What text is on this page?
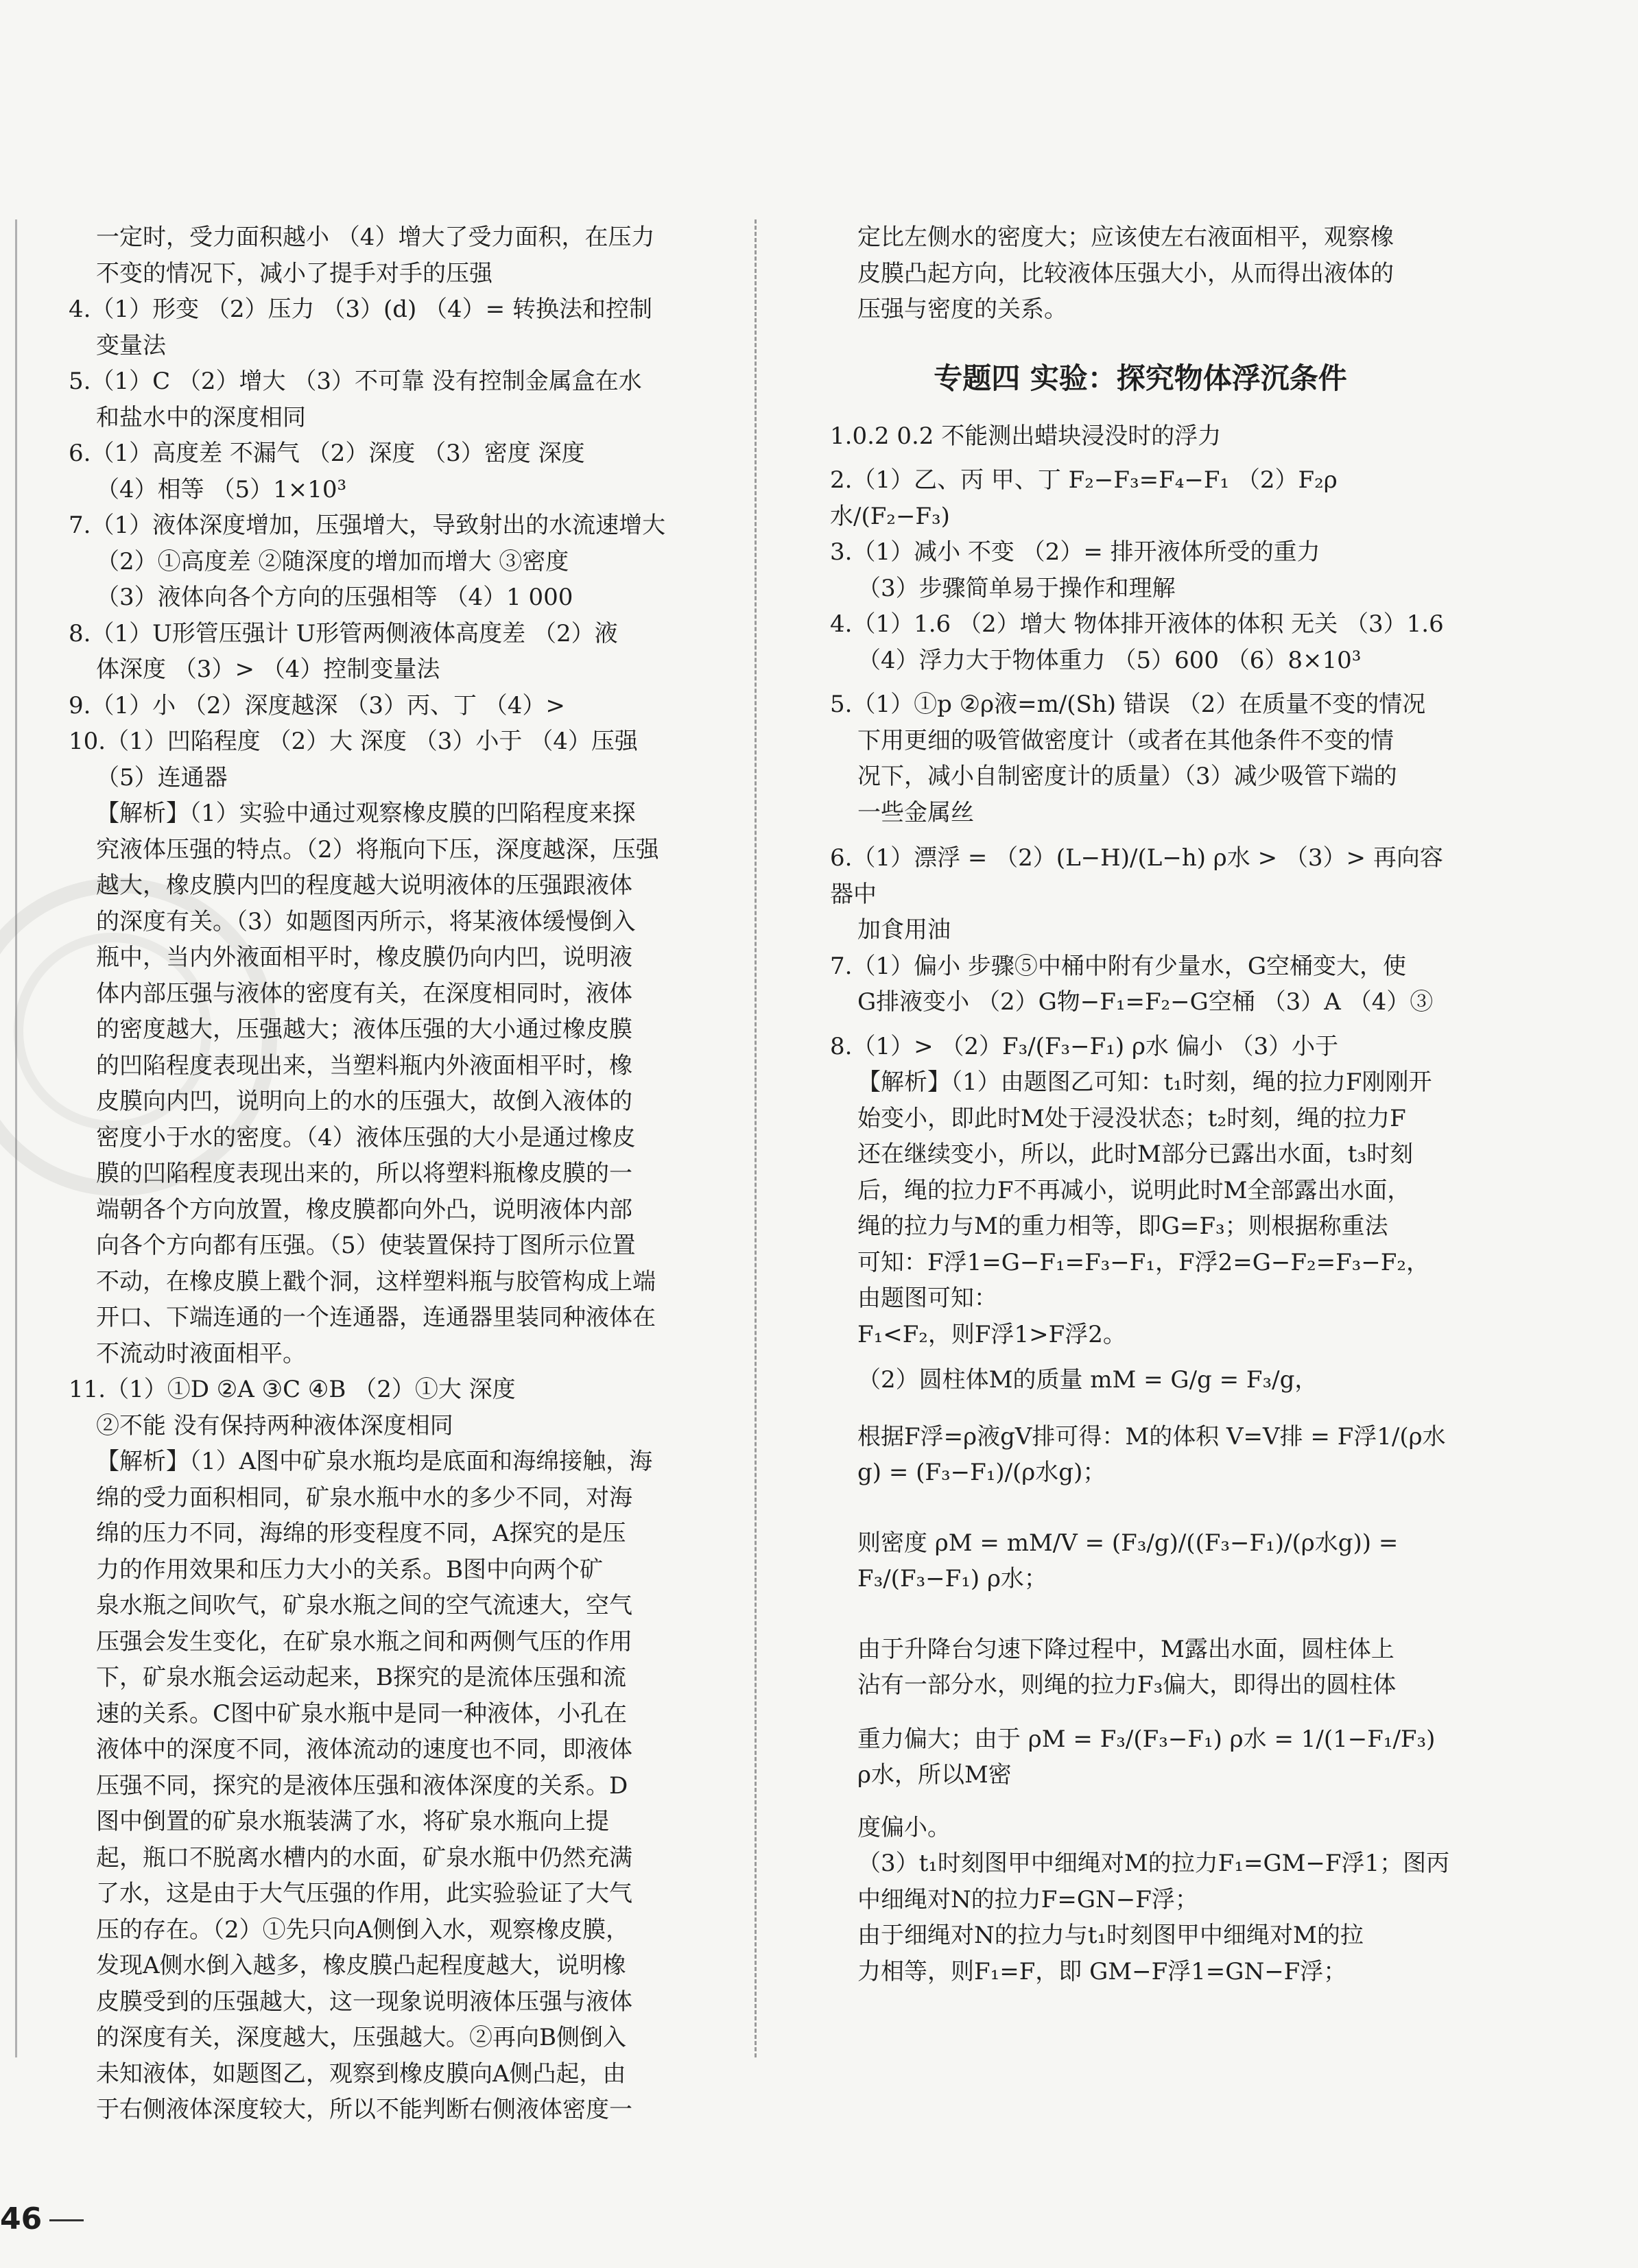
一定时，受力面积越小 （4）增大了受力面积，在压力

不变的情况下，减小了提手对手的压强

4.（1）形变 （2）压力 （3）(d) （4）= 转换法和控制

变量法

5.（1）C （2）增大 （3）不可靠 没有控制金属盒在水

和盐水中的深度相同

6.（1）高度差 不漏气 （2）深度 （3）密度 深度

（4）相等 （5）1×10³

7.（1）液体深度增加，压强增大，导致射出的水流速增大

（2）①高度差 ②随深度的增加而增大 ③密度

（3）液体向各个方向的压强相等 （4）1 000

8.（1）U形管压强计 U形管两侧液体高度差 （2）液

体深度 （3）> （4）控制变量法

9.（1）小 （2）深度越深 （3）丙、丁 （4）>

10.（1）凹陷程度 （2）大 深度 （3）小于 （4）压强

（5）连通器

【解析】（1）实验中通过观察橡皮膜的凹陷程度来探

究液体压强的特点。（2）将瓶向下压，深度越深，压强

越大，橡皮膜内凹的程度越大说明液体的压强跟液体

的深度有关。（3）如题图丙所示，将某液体缓慢倒入

瓶中，当内外液面相平时，橡皮膜仍向内凹，说明液

体内部压强与液体的密度有关，在深度相同时，液体

的密度越大，压强越大；液体压强的大小通过橡皮膜

的凹陷程度表现出来，当塑料瓶内外液面相平时，橡

皮膜向内凹，说明向上的水的压强大，故倒入液体的

密度小于水的密度。（4）液体压强的大小是通过橡皮

膜的凹陷程度表现出来的，所以将塑料瓶橡皮膜的一

端朝各个方向放置，橡皮膜都向外凸，说明液体内部

向各个方向都有压强。（5）使装置保持丁图所示位置

不动，在橡皮膜上戳个洞，这样塑料瓶与胶管构成上端

开口、下端连通的一个连通器，连通器里装同种液体在

不流动时液面相平。

11.（1）①D ②A ③C ④B （2）①大 深度

②不能 没有保持两种液体深度相同

【解析】（1）A图中矿泉水瓶均是底面和海绵接触，海

绵的受力面积相同，矿泉水瓶中水的多少不同，对海

绵的压力不同，海绵的形变程度不同，A探究的是压

力的作用效果和压力大小的关系。B图中向两个矿

泉水瓶之间吹气，矿泉水瓶之间的空气流速大，空气

压强会发生变化，在矿泉水瓶之间和两侧气压的作用

下，矿泉水瓶会运动起来，B探究的是流体压强和流

速的关系。C图中矿泉水瓶中是同一种液体，小孔在

液体中的深度不同，液体流动的速度也不同，即液体

压强不同，探究的是液体压强和液体深度的关系。D

图中倒置的矿泉水瓶装满了水，将矿泉水瓶向上提

起，瓶口不脱离水槽内的水面，矿泉水瓶中仍然充满

了水，这是由于大气压强的作用，此实验验证了大气

压的存在。（2）①先只向A侧倒入水，观察橡皮膜，

发现A侧水倒入越多，橡皮膜凸起程度越大，说明橡

皮膜受到的压强越大，这一现象说明液体压强与液体

的深度有关，深度越大，压强越大。②再向B侧倒入

未知液体，如题图乙，观察到橡皮膜向A侧凸起，由

于右侧液体深度较大，所以不能判断右侧液体密度一

定比左侧水的密度大；应该使左右液面相平，观察橡

皮膜凸起方向，比较液体压强大小，从而得出液体的

压强与密度的关系。

专题四 实验：探究物体浮沉条件

1.0.2 0.2 不能测出蜡块浸没时的浮力

2.（1）乙、丙 甲、丁 F₂−F₃=F₄−F₁ （2）F₂ρ水/(F₂−F₃)

3.（1）减小 不变 （2）= 排开液体所受的重力

（3）步骤简单易于操作和理解

4.（1）1.6 （2）增大 物体排开液体的体积 无关 （3）1.6

（4）浮力大于物体重力 （5）600 （6）8×10³

5.（1）①p ②ρ液=m/(Sh) 错误 （2）在质量不变的情况

下用更细的吸管做密度计（或者在其他条件不变的情

况下，减小自制密度计的质量）（3）减少吸管下端的

一些金属丝

6.（1）漂浮 = （2）(L−H)/(L−h) ρ水 > （3）> 再向容器中

加食用油

7.（1）偏小 步骤⑤中桶中附有少量水，G空桶变大，使

G排液变小 （2）G物−F₁=F₂−G空桶 （3）A （4）③

8.（1）> （2）F₃/(F₃−F₁) ρ水 偏小 （3）小于

【解析】（1）由题图乙可知：t₁时刻，绳的拉力F刚刚开

始变小，即此时M处于浸没状态；t₂时刻，绳的拉力F

还在继续变小，所以，此时M部分已露出水面，t₃时刻

后，绳的拉力F不再减小，说明此时M全部露出水面，

绳的拉力与M的重力相等，即G=F₃；则根据称重法

可知：F浮1=G−F₁=F₃−F₁，F浮2=G−F₂=F₃−F₂，由题图可知：

F₁<F₂，则F浮1>F浮2。

（2）圆柱体M的质量 mM = G/g = F₃/g，

根据F浮=ρ液gV排可得：M的体积 V=V排 = F浮1/(ρ水g) = (F₃−F₁)/(ρ水g)；

则密度 ρM = mM/V = (F₃/g)/((F₃−F₁)/(ρ水g)) = F₃/(F₃−F₁) ρ水；

由于升降台匀速下降过程中，M露出水面，圆柱体上

沾有一部分水，则绳的拉力F₃偏大，即得出的圆柱体

重力偏大；由于 ρM = F₃/(F₃−F₁) ρ水 = 1/(1−F₁/F₃) ρ水，所以M密

度偏小。

（3）t₁时刻图甲中细绳对M的拉力F₁=GM−F浮1；图丙

中细绳对N的拉力F=GN−F浮；

由于细绳对N的拉力与t₁时刻图甲中细绳对M的拉

力相等，则F₁=F，即 GM−F浮1=GN−F浮；

46
